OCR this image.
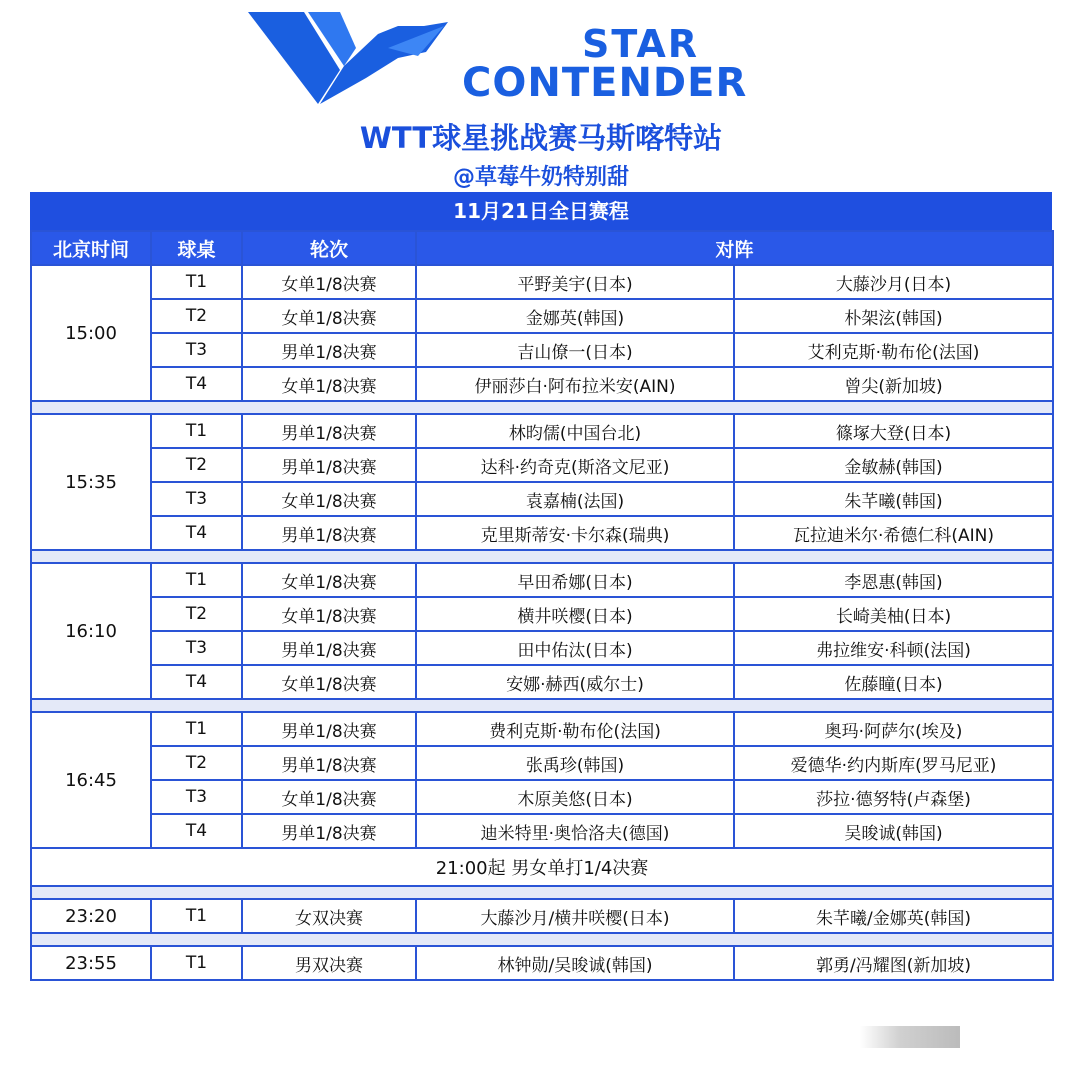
STAR
CONTENDER
WTT球星挑战赛马斯喀特站
@草莓牛奶特别甜
11月21日全日赛程
北京时间	球桌	轮次	对阵	
15:00	T1	女单1/8决赛	平野美宇(日本)	大藤沙月(日本)
	T2	女单1/8决赛	金娜英(韩国)	朴架泫(韩国)
	T3	男单1/8决赛	吉山僚一(日本)	艾利克斯·勒布伦(法国)
	T4	女单1/8决赛	伊丽莎白·阿布拉米安(AIN)	曾尖(新加坡)

15:35	T1	男单1/8决赛	林昀儒(中国台北)	篠塚大登(日本)
	T2	男单1/8决赛	达科·约奇克(斯洛文尼亚)	金敏赫(韩国)
	T3	女单1/8决赛	袁嘉楠(法国)	朱芊曦(韩国)
	T4	男单1/8决赛	克里斯蒂安·卡尔森(瑞典)	瓦拉迪米尔·希德仁科(AIN)

16:10	T1	女单1/8决赛	早田希娜(日本)	李恩惠(韩国)
	T2	女单1/8决赛	横井咲樱(日本)	长崎美柚(日本)
	T3	男单1/8决赛	田中佑汰(日本)	弗拉维安·科顿(法国)
	T4	女单1/8决赛	安娜·赫西(威尔士)	佐藤瞳(日本)

16:45	T1	男单1/8决赛	费利克斯·勒布伦(法国)	奥玛·阿萨尔(埃及)
	T2	男单1/8决赛	张禹珍(韩国)	爱德华·约内斯库(罗马尼亚)
	T3	女单1/8决赛	木原美悠(日本)	莎拉·德努特(卢森堡)
	T4	男单1/8决赛	迪米特里·奥恰洛夫(德国)	吴晙诚(韩国)
21:00起 男女单打1/4决赛				

23:20	T1	女双决赛	大藤沙月/横井咲樱(日本)	朱芊曦/金娜英(韩国)

23:55	T1	男双决赛	林钟勋/吴晙诚(韩国)	郭勇/冯耀图(新加坡)
